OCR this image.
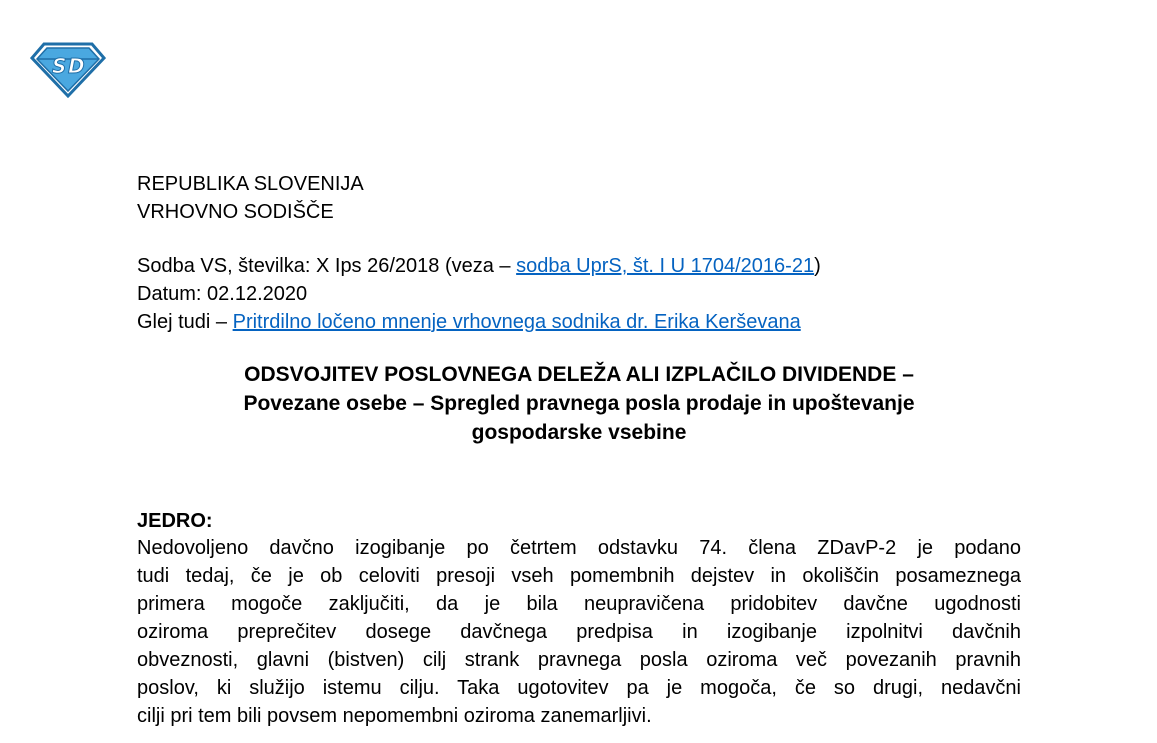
S D
REPUBLIKA SLOVENIJA
VRHOVNO SODIŠČE
Sodba VS, številka: X Ips 26/2018 (veza – sodba UprS, št. I U 1704/2016-21)
Datum: 02.12.2020
Glej tudi – Pritrdilno ločeno mnenje vrhovnega sodnika dr. Erika Kerševana
ODSVOJITEV POSLOVNEGA DELEŽA ALI IZPLAČILO DIVIDENDE –
Povezane osebe – Spregled pravnega posla prodaje in upoštevanje
gospodarske vsebine
JEDRO:
Nedovoljeno davčno izogibanje po četrtem odstavku 74. člena ZDavP-2 je podano
tudi tedaj, če je ob celoviti presoji vseh pomembnih dejstev in okoliščin posameznega
primera mogoče zaključiti, da je bila neupravičena pridobitev davčne ugodnosti
oziroma preprečitev dosege davčnega predpisa in izogibanje izpolnitvi davčnih
obveznosti, glavni (bistven) cilj strank pravnega posla oziroma več povezanih pravnih
poslov, ki služijo istemu cilju. Taka ugotovitev pa je mogoča, če so drugi, nedavčni
cilji pri tem bili povsem nepomembni oziroma zanemarljivi.
